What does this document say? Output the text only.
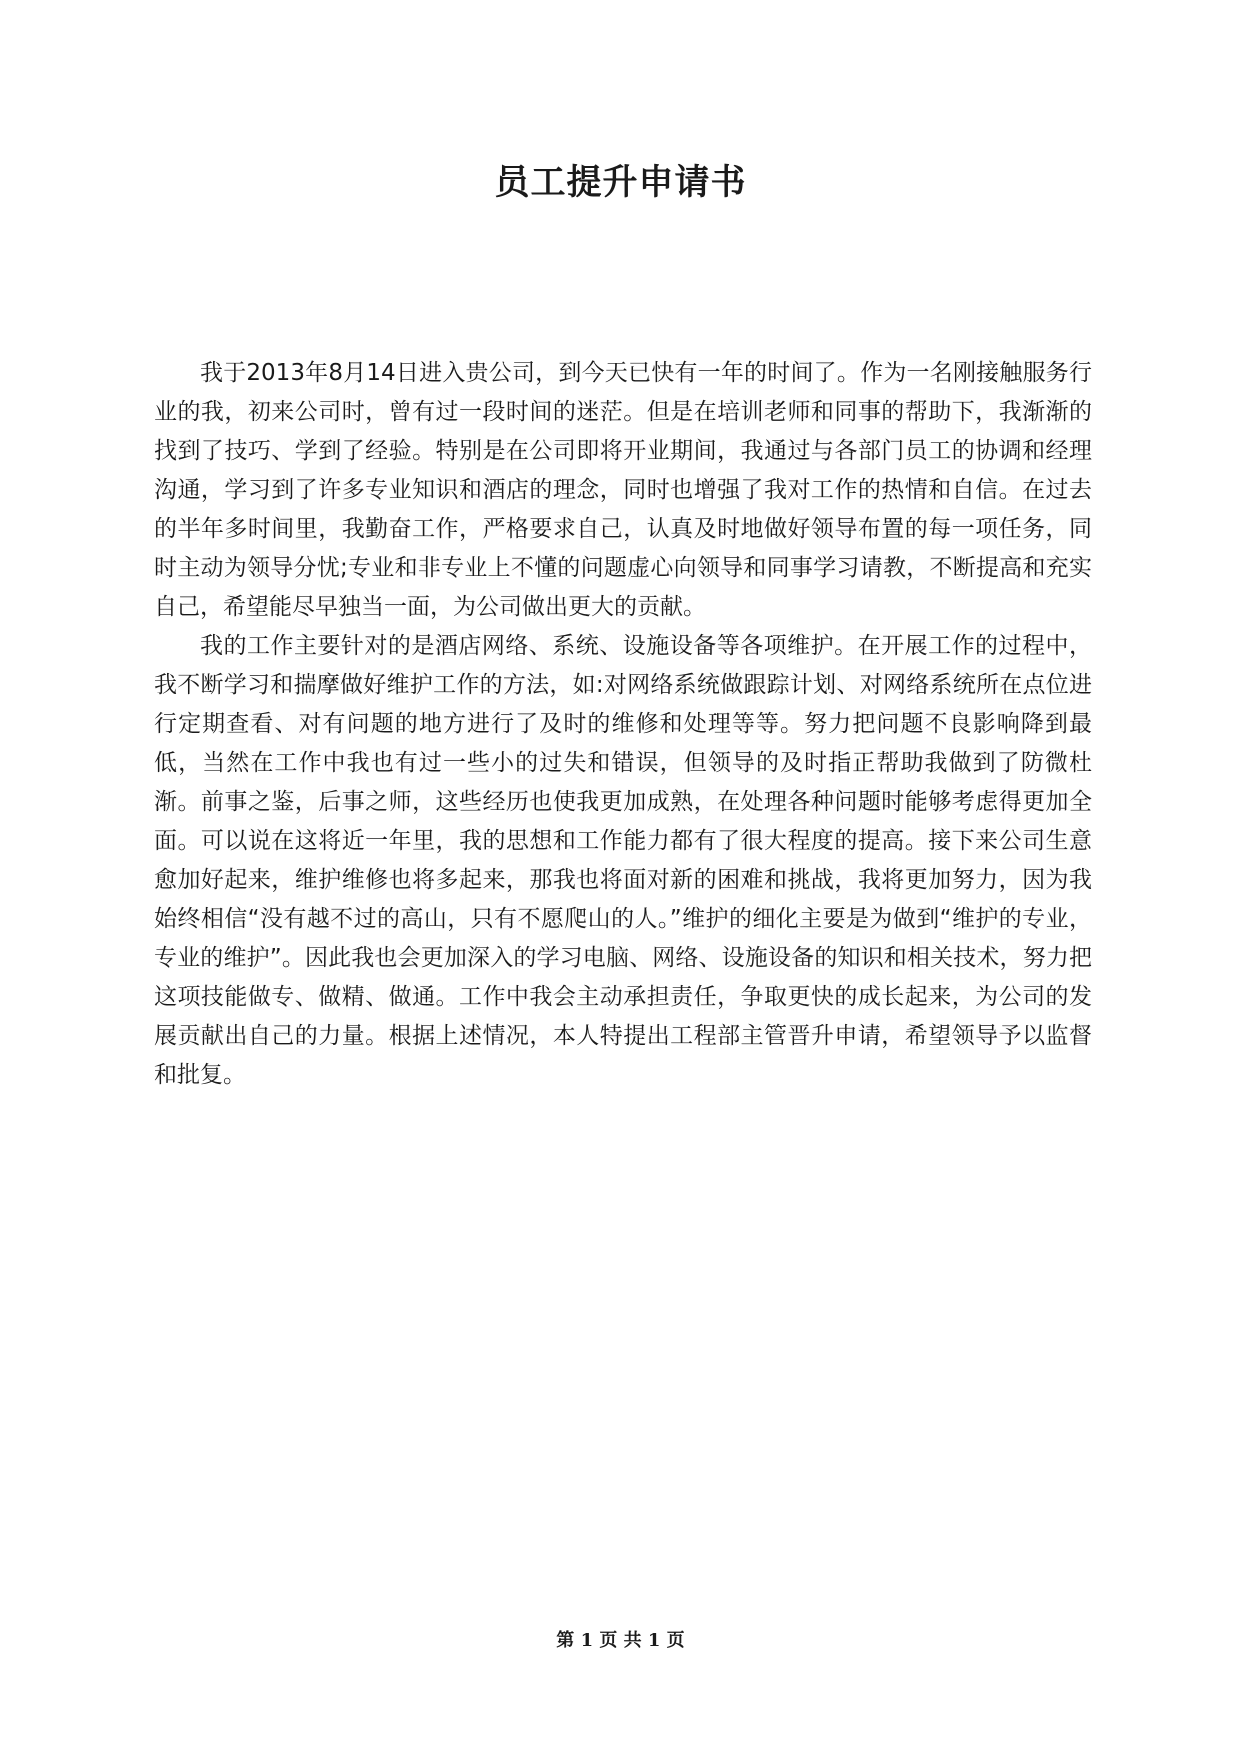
员工提升申请书

我于2013年8月14日进入贵公司，到今天已快有一年的时间了。作为一名刚接触服务行业的我，初来公司时，曾有过一段时间的迷茫。但是在培训老师和同事的帮助下，我渐渐的找到了技巧、学到了经验。特别是在公司即将开业期间，我通过与各部门员工的协调和经理沟通，学习到了许多专业知识和酒店的理念，同时也增强了我对工作的热情和自信。在过去的半年多时间里，我勤奋工作，严格要求自己，认真及时地做好领导布置的每一项任务，同时主动为领导分忧;专业和非专业上不懂的问题虚心向领导和同事学习请教，不断提高和充实自己，希望能尽早独当一面，为公司做出更大的贡献。

我的工作主要针对的是酒店网络、系统、设施设备等各项维护。在开展工作的过程中，我不断学习和揣摩做好维护工作的方法，如:对网络系统做跟踪计划、对网络系统所在点位进行定期查看、对有问题的地方进行了及时的维修和处理等等。努力把问题不良影响降到最低，当然在工作中我也有过一些小的过失和错误，但领导的及时指正帮助我做到了防微杜渐。前事之鉴，后事之师，这些经历也使我更加成熟，在处理各种问题时能够考虑得更加全面。可以说在这将近一年里，我的思想和工作能力都有了很大程度的提高。接下来公司生意愈加好起来，维护维修也将多起来，那我也将面对新的困难和挑战，我将更加努力，因为我始终相信“没有越不过的高山，只有不愿爬山的人。”维护的细化主要是为做到“维护的专业，专业的维护”。因此我也会更加深入的学习电脑、网络、设施设备的知识和相关技术，努力把这项技能做专、做精、做通。工作中我会主动承担责任，争取更快的成长起来，为公司的发展贡献出自己的力量。根据上述情况，本人特提出工程部主管晋升申请，希望领导予以监督和批复。

第 1 页 共 1 页
